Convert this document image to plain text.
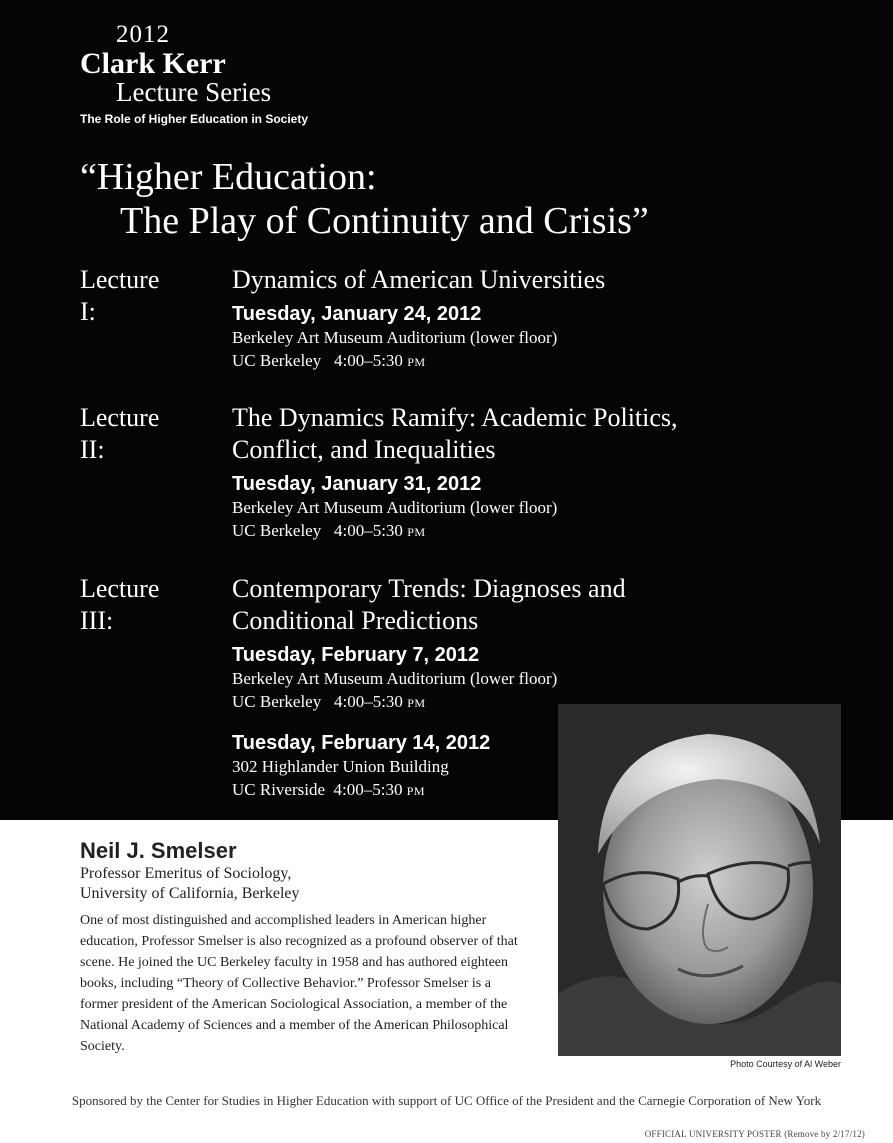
2012
Clark Kerr
Lecture Series
The Role of Higher Education in Society
“Higher Education:
The Play of Continuity and Crisis”
Lecture I:
Dynamics of American Universities
Tuesday, January 24, 2012
Berkeley Art Museum Auditorium (lower floor)
UC Berkeley 4:00–5:30 PM
Lecture II:
The Dynamics Ramify: Academic Politics,
Conflict, and Inequalities
Tuesday, January 31, 2012
Berkeley Art Museum Auditorium (lower floor)
UC Berkeley 4:00–5:30 PM
Lecture III:
Contemporary Trends: Diagnoses and
Conditional Predictions
Tuesday, February 7, 2012
Berkeley Art Museum Auditorium (lower floor)
UC Berkeley 4:00–5:30 PM
Tuesday, February 14, 2012
302 Highlander Union Building
UC Riverside 4:00–5:30 PM
Photo Courtesy of Al Weber
Neil J. Smelser
Professor Emeritus of Sociology,
University of California, Berkeley
One of most distinguished and accomplished leaders in American higher education, Professor Smelser is also recognized as a profound observer of that scene. He joined the UC Berkeley faculty in 1958 and has authored eighteen books, including “Theory of Collective Behavior.” Professor Smelser is a former president of the American Sociological Association, a member of the National Academy of Sciences and a member of the American Philosophical Society.
Sponsored by the Center for Studies in Higher Education with support of UC Office of the President and the Carnegie Corporation of New York
OFFICIAL UNIVERSITY POSTER (Remove by 2/17/12)
